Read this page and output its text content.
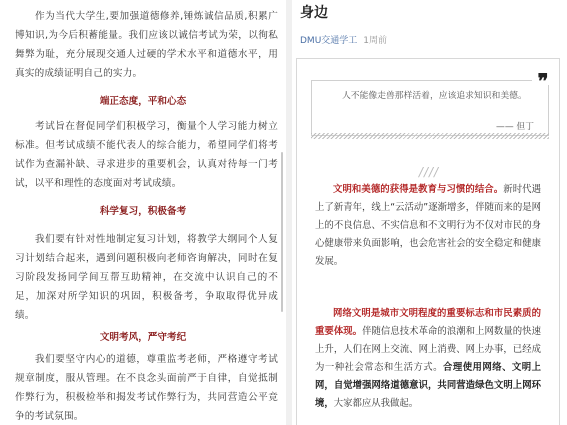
作为当代大学生,要加强道德修养,锤炼诚信品质,积累广博知识,为今后积蓄能量。我们应该以诚信考试为荣，以徇私舞弊为耻，充分展现交通人过硬的学术水平和道德水平，用真实的成绩证明自己的实力。

端正态度，平和心态

考试旨在督促同学们积极学习，衡量个人学习能力树立标准。但考试成绩不能代表人的综合能力，希望同学们将考试作为查漏补缺、寻求进步的重要机会，认真对待每一门考试，以平和理性的态度面对考试成绩。

科学复习，积极备考

我们要有针对性地制定复习计划，将教学大纲同个人复习计划结合起来，遇到问题积极向老师咨询解决，同时在复习阶段发扬同学间互帮互助精神，在交流中认识自己的不足，加深对所学知识的巩固，积极备考，争取取得优异成绩。

文明考风，严守考纪

我们要坚守内心的道德，尊重监考老师，严格遵守考试规章制度，服从管理。在不良念头面前严于自律，自觉抵制作弊行为，积极检举和揭发考试作弊行为，共同营造公平竞争的考试氛围。

身边
DMU交通学工 1周前
❞
人不能像走兽那样活着，应该追求知识和美德。
—— 但丁
////

文明和美德的获得是教育与习惯的结合。新时代遇上了新青年，线上“云活动”逐渐增多，伴随而来的是网上的不良信息、不实信息和不文明行为不仅对市民的身心健康带来负面影响，也会危害社会的安全稳定和健康发展。

网络文明是城市文明程度的重要标志和市民素质的重要体现。伴随信息技术革命的浪潮和上网数量的快速上升，人们在网上交流、网上消费、网上办事，已经成为一种社会常态和生活方式。合理使用网络、文明上网，自觉增强网络道德意识，共同营造绿色文明上网环境，大家都应从我做起。
